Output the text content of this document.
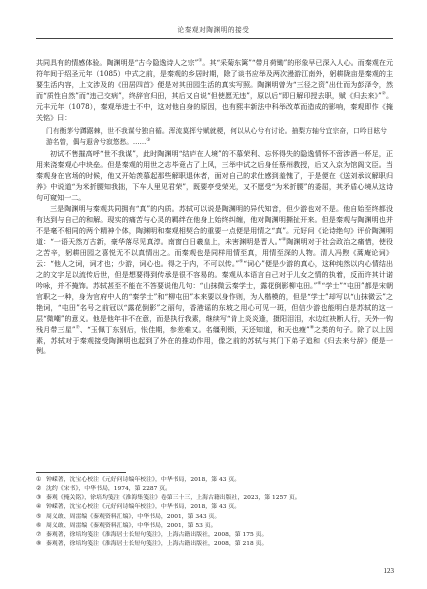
论秦观对陶渊明的接受

共同具有的情感体验。陶渊明是“古今隐逸诗人之宗”①。其“采菊东篱”“带月荷锄”的形象早已深入人心。而秦观在元符年间于绍圣元年（1085）中式之前，是秦观的乡居时期，除了谈书应举及两次漫游江南外，躬耕陇亩是秦观的主要生活内容，上文涉及的《田居四首》便是对其田园生活的真实写照。陶渊明曾为“三径之资”出仕而为彭泽令，然而“质性自然”而“违己交病”，终辞官归田，其后又自说“但使愿无违”，原以后“即日解印授去职，赋《归去来》”②。元丰元年（1078），秦观举进士不中，这对他自身的原因，也有熙丰新法中科举改革而造成的影响，秦观即作《掩关铭》曰：

门有衡茅兮蹲踞棘，世不我谋兮独自循。浑流莫挥兮赋就梗，何以从心兮有讨论。抽梨方轴兮宜宗奋，口吟目眩兮游名曾，偶与遐舍兮寂悠愁。……③

初试不售摧高呼“世不我谋”，此时陶渊明“结庐在人境”的不慕荣利、忘怀得失的隐逸情怀不啻涉酒一杯足，正用来浇秦观心中块垒。但是秦观的用世之志毕竟占了上风，三举中试之后身任蔡州教授，后又入京为馆阁文臣。当秦观身在官场的时候，他又开始羡慕起那些解职退休者，面对自己的求仕感到羞愧了，于是便在《送刘承议解职归养》中说道“为米折腰知我拙，下车人里见君荣”，既要亭受荣光，又不愿受“为米折腰”的委屈，其矛盾心境从这诗句可窥知一二。

三是陶渊明与秦观共同拥有“真”的内质。苏轼可以说是陶渊明的异代知音，但少游也对不是。他自始至终都没有达到与自己的和解。现实的痛苦与心灵的羁绊在他身上始终纠缠，他对陶渊明撕扯开来。但是秦观与陶渊明也并不是毫不相同的两个精神个体，陶渊明和秦观相契合的重要一点便是用情之“真”。元好问《论诗绝句》评价陶渊明道：“一语天然万古新，豪华落尽见真淳。南窗白日羲皇上，未害渊明是晋人。”④陶渊明对于社会政治之痛惜，使役之苦辛，躬耕田园之喜悦无不以真情出之。而秦观也是同样用情至真，用情至深的人物。清人冯煦《蒿庵论词》云：“他人之词，词才也；少游，词心也。得之于内，不可以传。”⑤“词心”便是少游的真心，这种纯然以内心情结出之的文字足以流传后世，但是想要得到传承是很不容易的。秦观从本语言自己对于儿女之情的执着，反而许其计诺吟咏，并不掩饰。苏轼甚至不能在不答要说他几句：“山抹微云秦学士，露花倒影柳屯田。”⑥“学士”“屯田”都是宋朝官职之一种，身为官府中人的“秦学士”和“柳屯田”本来要以身作则，为人楷模的，但是“学士”却写以“山抹微云”之艳词，“屯田”名号之前冠以“露花倒影”之丽句，香港谣的东坡之用心可见一斑，但信少游也能明白是苏轼的这一层“微嘲”的意义。他是他年非不在意，而是执行我素，继续写“肯上炎炎逢，摄阳泪泪，水边红袂断人行，天外一钩残月带三星”⑦、“玉佩丁东别后，怅佳期，参差难又。名缰利锁，天还知道，和天也瘦”⑧之类的句子。除了以上因素，苏轼对于秦观接受陶渊明也起到了外在的推动作用，像之前的苏轼与其门下弟子追和《归去来兮辞》便是一例。

① 钟嵘著，沈宝心校注《元好问诗编年校注》，中华书局，2018，第 43 页。
② 沈约《宋书》，中华书局，1974，第 2287 页。
③ 秦观《掩关铭》，徐培均笺注《淮海集笺注》卷第三十三，上海古籍出版社，2023，第 1257 页。
④ 钟嵘著，沈宝心校注《元好问诗编年校注》，中华书局，2018，第 43 页。
⑤ 周义敢、周雷编《秦观资料汇编》，中华书局，2001，第 343 页。
⑥ 周义敢、周雷编《秦观资料汇编》，中华书局，2001，第 53 页。
⑦ 秦观著，徐培均笺注《淮海居士长短句笺注》，上海古籍出版社，2008，第 175 页。
⑧ 秦观著，徐培均笺注《淮海居士长短句笺注》，上海古籍出版社，2008，第 218 页。
123
